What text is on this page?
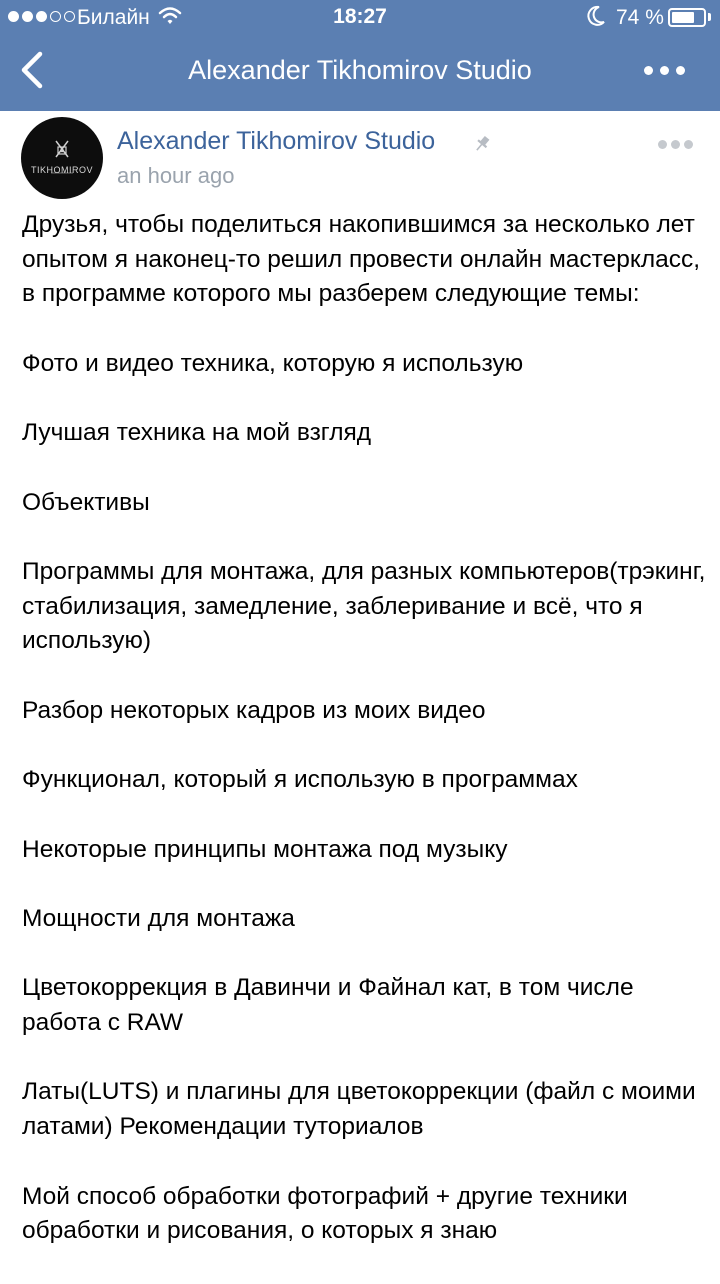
Билайн	18:27	74 %
Alexander Tikhomirov Studio
TIKHOMIROV
Alexander Tikhomirov Studio
an hour ago

Друзья, чтобы поделиться накопившимся за несколько лет опытом я наконец-то решил провести онлайн мастеркласс, в программе которого мы разберем следующие темы:

Фото и видео техника, которую я использую

Лучшая техника на мой взгляд

Объективы

Программы для монтажа, для разных компьютеров(трэкинг, стабилизация, замедление, заблеривание и всё, что я использую)

Разбор некоторых кадров из моих видео

Функционал, который я использую в программах

Некоторые принципы монтажа под музыку

Мощности для монтажа

Цветокоррекция в Давинчи и Файнал кат, в том числе работа с RAW

Латы(LUTS) и плагины для цветокоррекции (файл с моими латами) Рекомендации туториалов

Мой способ обработки фотографий + другие техники обработки и рисования, о которых я знаю
